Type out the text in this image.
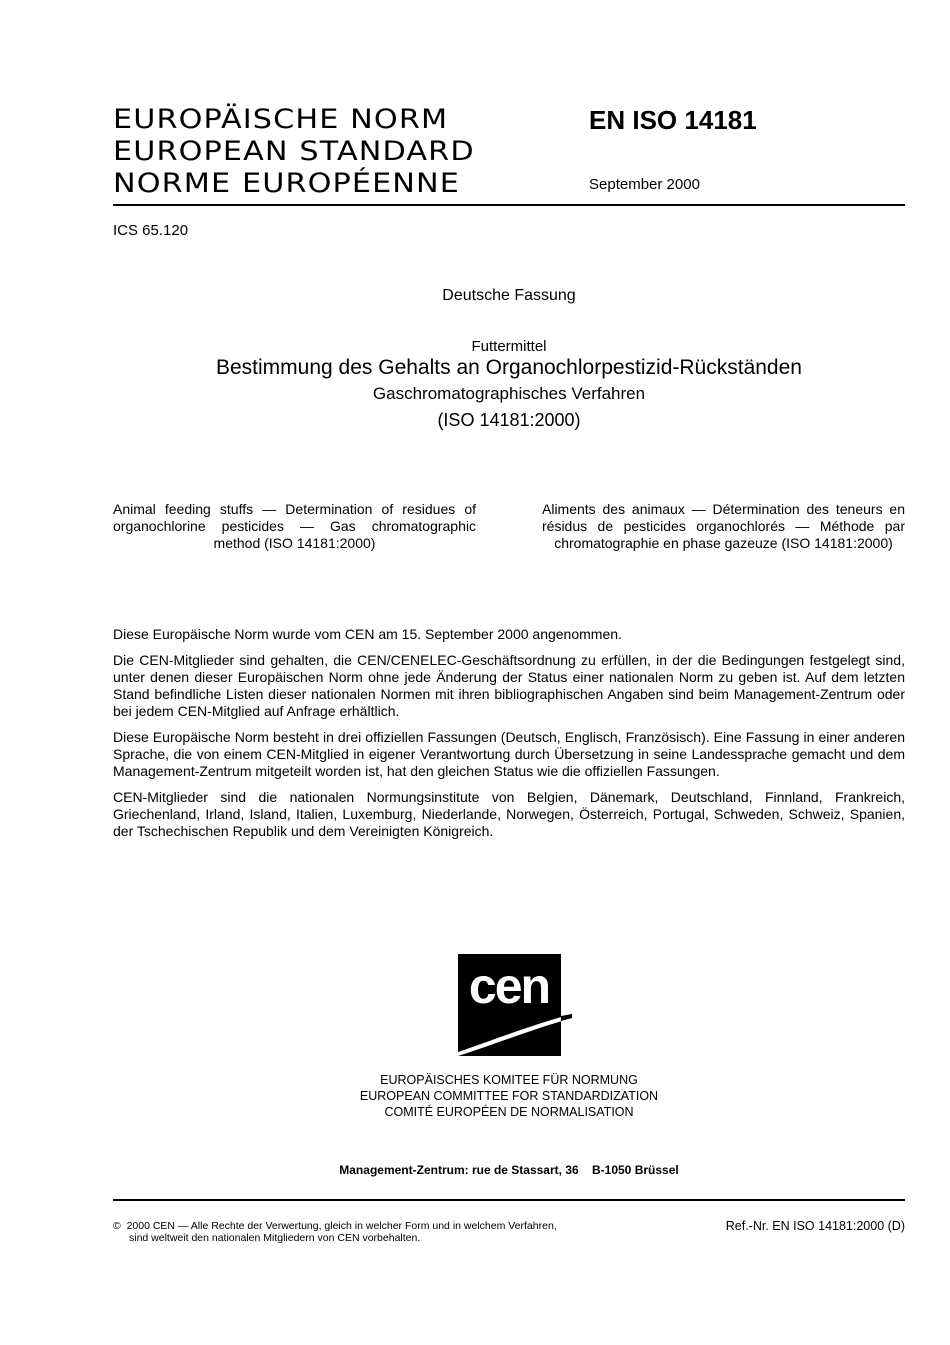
EUROPÄISCHE NORM
EUROPEAN STANDARD
NORME EUROPÉENNE
EN ISO 14181
September 2000
ICS 65.120
Deutsche Fassung
Futtermittel
Bestimmung des Gehalts an Organochlorpestizid-Rückständen
Gaschromatographisches Verfahren
(ISO 14181:2000)
Animal feeding stuffs — Determination of residues of organochlorine pesticides — Gas chromatographic method (ISO 14181:2000)
Aliments des animaux — Détermination des teneurs en résidus de pesticides organochlorés — Méthode par chromatographie en phase gazeuze (ISO 14181:2000)

Diese Europäische Norm wurde vom CEN am 15. September 2000 angenommen.

Die CEN-Mitglieder sind gehalten, die CEN/CENELEC-Geschäftsordnung zu erfüllen, in der die Bedingungen festgelegt sind, unter denen dieser Europäischen Norm ohne jede Änderung der Status einer nationalen Norm zu geben ist. Auf dem letzten Stand befindliche Listen dieser nationalen Normen mit ihren bibliographischen Angaben sind beim Management-Zentrum oder bei jedem CEN-Mitglied auf Anfrage erhältlich.

Diese Europäische Norm besteht in drei offiziellen Fassungen (Deutsch, Englisch, Französisch). Eine Fassung in einer anderen Sprache, die von einem CEN-Mitglied in eigener Verantwortung durch Übersetzung in seine Landessprache gemacht und dem Management-Zentrum mitgeteilt worden ist, hat den gleichen Status wie die offiziellen Fassungen.

CEN-Mitglieder sind die nationalen Normungsinstitute von Belgien, Dänemark, Deutschland, Finnland, Frankreich, Griechenland, Irland, Island, Italien, Luxemburg, Niederlande, Norwegen, Österreich, Portugal, Schweden, Schweiz, Spanien, der Tschechischen Republik und dem Vereinigten Königreich.

cen
EUROPÄISCHES KOMITEE FÜR NORMUNG
EUROPEAN COMMITTEE FOR STANDARDIZATION
COMITÉ EUROPÉEN DE NORMALISATION
Management-Zentrum: rue de Stassart, 36    B-1050 Brüssel
©  2000 CEN — Alle Rechte der Verwertung, gleich in welcher Form und in welchem Verfahren,
sind weltweit den nationalen Mitgliedern von CEN vorbehalten.
Ref.-Nr. EN ISO 14181:2000 (D)
